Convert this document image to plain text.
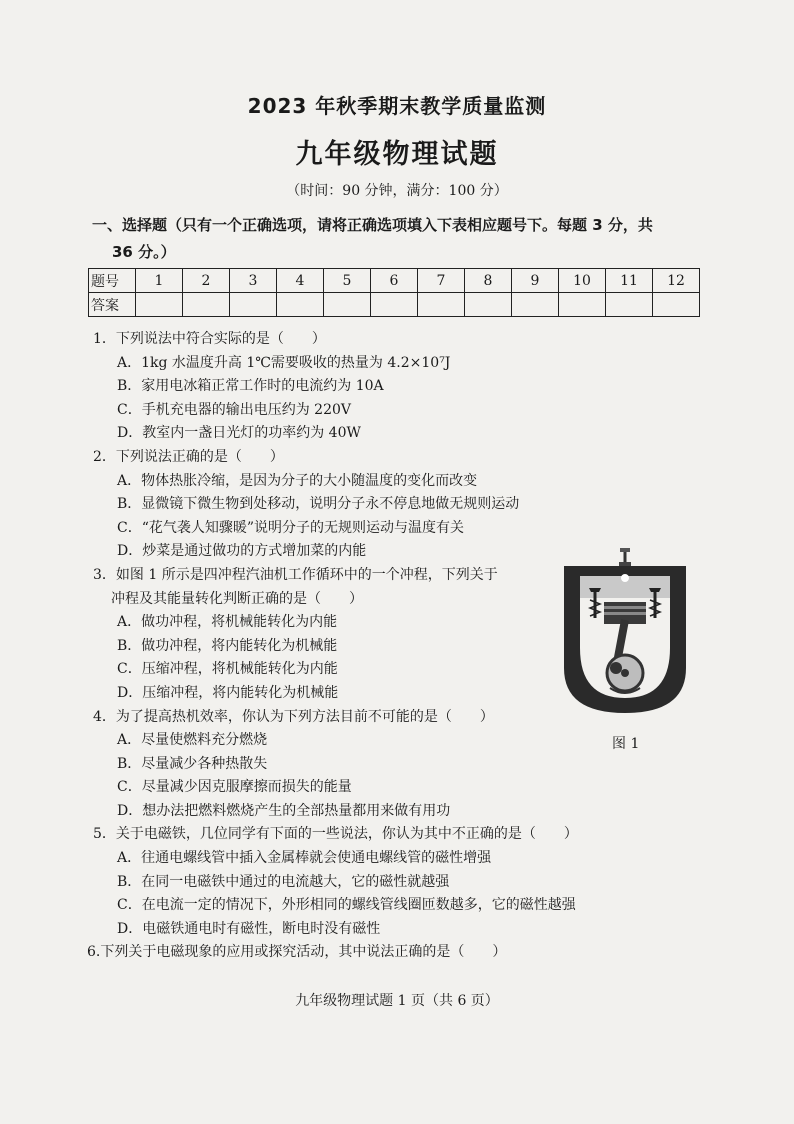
2023 年秋季期末教学质量监测
九年级物理试题
（时间：90 分钟，满分：100 分）
一、选择题（只有一个正确选项，请将正确选项填入下表相应题号下。每题 3 分，共
36 分。）
题号	1	2	3	4	5	6	7	8	9	10	11	12
答案												
1．下列说法中符合实际的是（　　）
A．1kg 水温度升高 1℃需要吸收的热量为 4.2×10⁷J
B．家用电冰箱正常工作时的电流约为 10A
C．手机充电器的输出电压约为 220V
D．教室内一盏日光灯的功率约为 40W
2．下列说法正确的是（　　）
A．物体热胀冷缩，是因为分子的大小随温度的变化而改变
B．显微镜下微生物到处移动，说明分子永不停息地做无规则运动
C．“花气袭人知骤暖”说明分子的无规则运动与温度有关
D．炒菜是通过做功的方式增加菜的内能
3．如图 1 所示是四冲程汽油机工作循环中的一个冲程，下列关于
冲程及其能量转化判断正确的是（　　）
A．做功冲程，将机械能转化为内能
B．做功冲程，将内能转化为机械能
C．压缩冲程，将机械能转化为内能
D．压缩冲程，将内能转化为机械能
4．为了提高热机效率，你认为下列方法目前不可能的是（　　）
A．尽量使燃料充分燃烧
B．尽量减少各种热散失
C．尽量减少因克服摩擦而损失的能量
D．想办法把燃料燃烧产生的全部热量都用来做有用功
5．关于电磁铁，几位同学有下面的一些说法，你认为其中不正确的是（　　）
A．往通电螺线管中插入金属棒就会使通电螺线管的磁性增强
B．在同一电磁铁中通过的电流越大，它的磁性就越强
C．在电流一定的情况下，外形相同的螺线管线圈匝数越多，它的磁性越强
D．电磁铁通电时有磁性，断电时没有磁性
6.下列关于电磁现象的应用或探究活动，其中说法正确的是（　　）
图 1
九年级物理试题 1 页（共 6 页）
